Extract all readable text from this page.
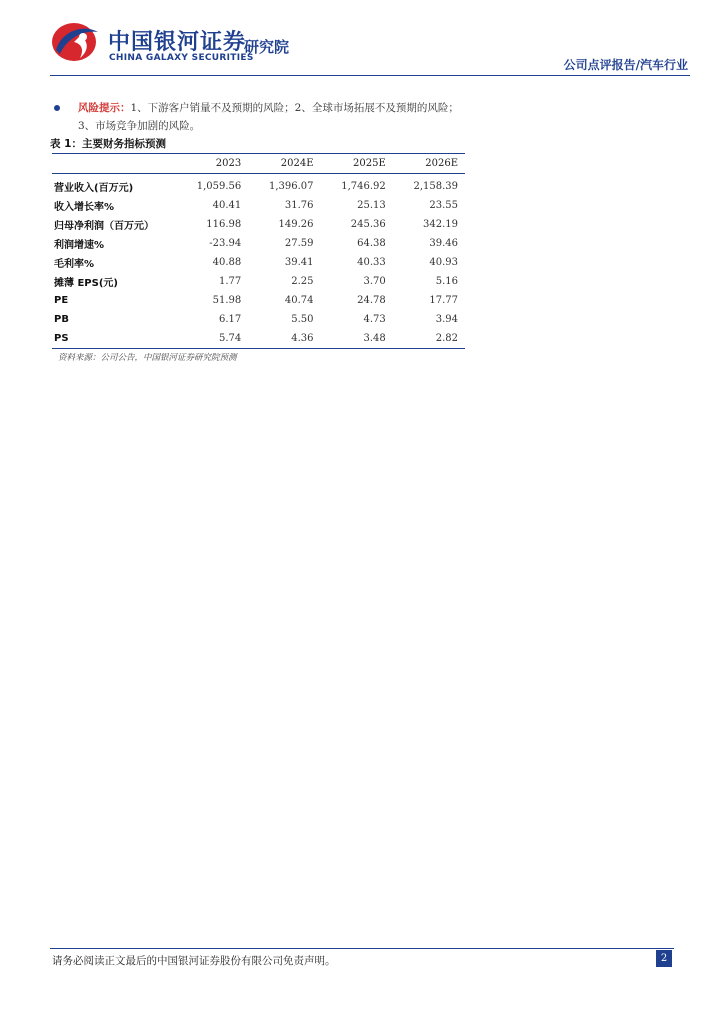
中国银河证券
CHINA GALAXY SECURITIES
研究院
公司点评报告/汽车行业
风险提示：1、下游客户销量不及预期的风险；2、全球市场拓展不及预期的风险；3、市场竞争加剧的风险。
表 1：主要财务指标预测
	2023	2024E	2025E	2026E
营业收入(百万元)	1,059.56	1,396.07	1,746.92	2,158.39
收入增长率%	40.41	31.76	25.13	23.55
归母净利润（百万元）	116.98	149.26	245.36	342.19
利润增速%	-23.94	27.59	64.38	39.46
毛利率%	40.88	39.41	40.33	40.93
摊薄 EPS(元)	1.77	2.25	3.70	5.16
PE	51.98	40.74	24.78	17.77
PB	6.17	5.50	4.73	3.94
PS	5.74	4.36	3.48	2.82
资料来源：公司公告，中国银河证券研究院预测
请务必阅读正文最后的中国银河证券股份有限公司免责声明。	2
